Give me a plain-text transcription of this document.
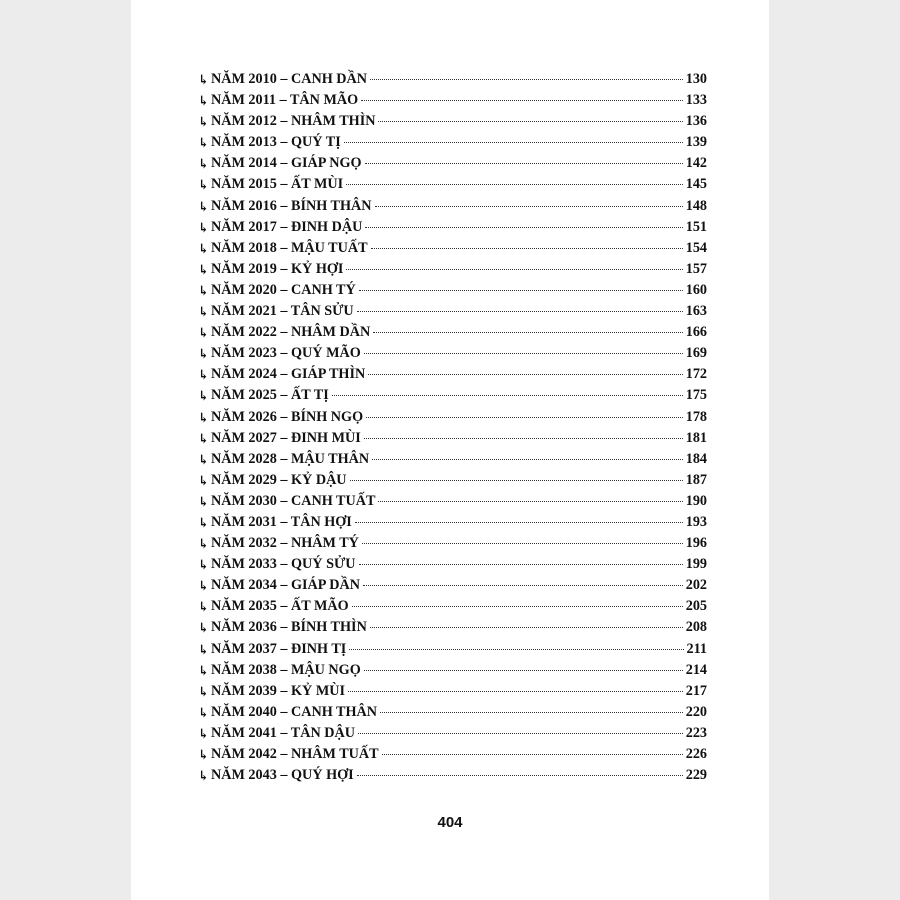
↳ NĂM 2010 – CANH DẦN	130
↳ NĂM 2011 – TÂN MÃO	133
↳ NĂM 2012 – NHÂM THÌN	136
↳ NĂM 2013 – QUÝ TỊ	139
↳ NĂM 2014 – GIÁP NGỌ	142
↳ NĂM 2015 – ẤT MÙI	145
↳ NĂM 2016 – BÍNH THÂN	148
↳ NĂM 2017 – ĐINH DẬU	151
↳ NĂM 2018 – MẬU TUẤT	154
↳ NĂM 2019 – KỶ HỢI	157
↳ NĂM 2020 – CANH TÝ	160
↳ NĂM 2021 – TÂN SỬU	163
↳ NĂM 2022 – NHÂM DẦN	166
↳ NĂM 2023 – QUÝ MÃO	169
↳ NĂM 2024 – GIÁP THÌN	172
↳ NĂM 2025 – ẤT TỊ	175
↳ NĂM 2026 – BÍNH NGỌ	178
↳ NĂM 2027 – ĐINH MÙI	181
↳ NĂM 2028 – MẬU THÂN	184
↳ NĂM 2029 – KỶ DẬU	187
↳ NĂM 2030 – CANH TUẤT	190
↳ NĂM 2031 – TÂN HỢI	193
↳ NĂM 2032 – NHÂM TÝ	196
↳ NĂM 2033 – QUÝ SỬU	199
↳ NĂM 2034 – GIÁP DẦN	202
↳ NĂM 2035 – ẤT MÃO	205
↳ NĂM 2036 – BÍNH THÌN	208
↳ NĂM 2037 – ĐINH TỊ	211
↳ NĂM 2038 – MẬU NGỌ	214
↳ NĂM 2039 – KỶ MÙI	217
↳ NĂM 2040 – CANH THÂN	220
↳ NĂM 2041 – TÂN DẬU	223
↳ NĂM 2042 – NHÂM TUẤT	226
↳ NĂM 2043 – QUÝ HỢI	229
404
